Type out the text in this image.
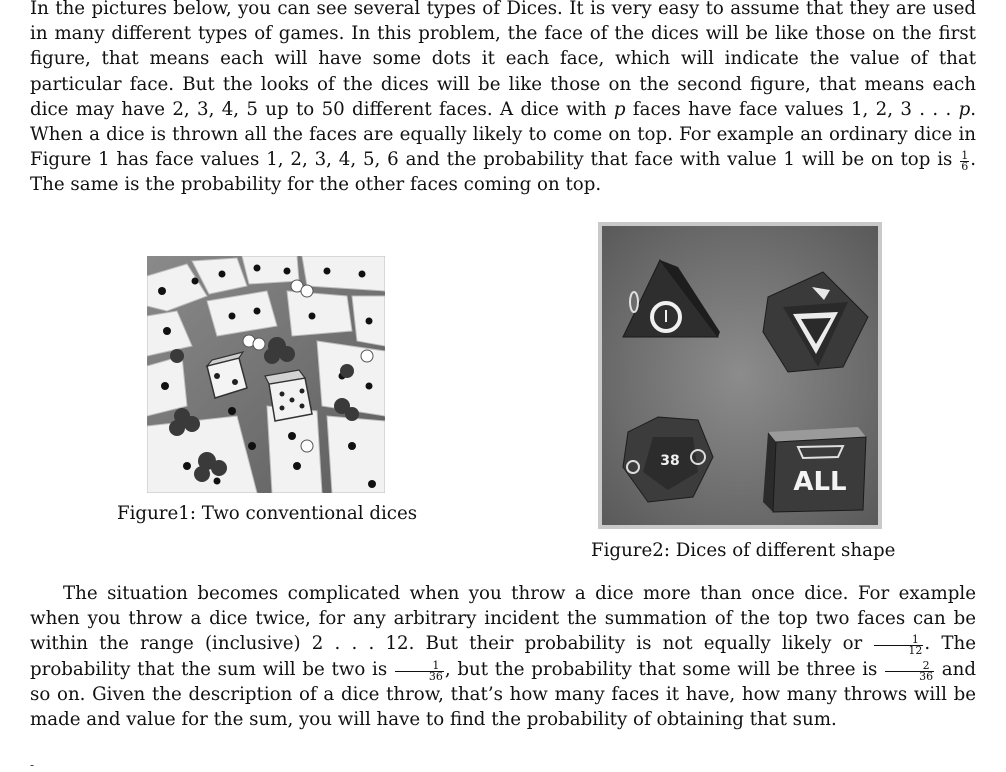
In the pictures below, you can see several types of Dices. It is very easy to assume that they are used in many different types of games. In this problem, the face of the dices will be like those on the first figure, that means each will have some dots it each face, which will indicate the value of that particular face. But the looks of the dices will be like those on the second figure, that means each dice may have 2, 3, 4, 5 up to 50 different faces. A dice with p faces have face values 1, 2, 3 . . . p. When a dice is thrown all the faces are equally likely to come on top. For example an ordinary dice in Figure 1 has face values 1, 2, 3, 4, 5, 6 and the probability that face with value 1 will be on top is $\frac{1}{6}$ . The same is the probability for the other faces coming on top.

Figure1: Two conventional dices
38
ALL
Figure2: Dices of different shape

The situation becomes complicated when you throw a dice more than once dice. For example when you throw a dice twice, for any arbitrary incident the summation of the top two faces can be within the range (inclusive) 2 . . . 12. But their probability is not equally likely or $\frac{1}{12}$ . The probability that the sum will be two is $\frac{1}{36}$ , but the probability that some will be three is $\frac{2}{36}$ and so on. Given the description of a dice throw, that’s how many faces it have, how many throws will be made and value for the sum, you will have to find the probability of obtaining that sum.

-
